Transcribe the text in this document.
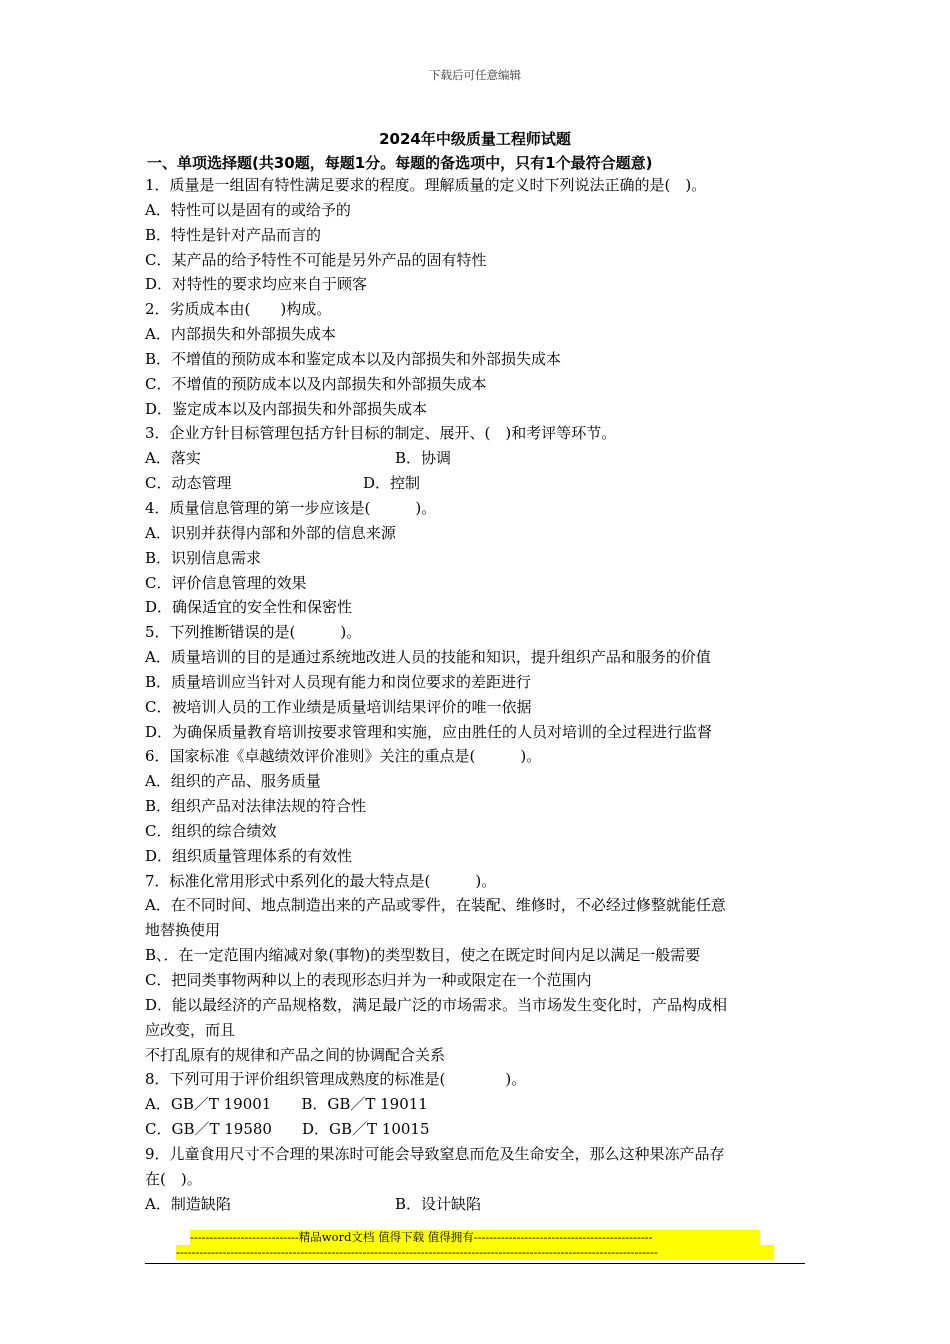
下载后可任意编辑
2024年中级质量工程师试题
一、单项选择题(共30题，每题1分。每题的备选项中，只有1个最符合题意)
1．质量是一组固有特性满足要求的程度。理解质量的定义时下列说法正确的是(　)。
A．特性可以是固有的或给予的
B．特性是针对产品而言的
C．某产品的给予特性不可能是另外产品的固有特性
D．对特性的要求均应来自于顾客
2．劣质成本由(　　)构成。
A．内部损失和外部损失成本
B．不增值的预防成本和鉴定成本以及内部损失和外部损失成本
C．不增值的预防成本以及内部损失和外部损失成本
D．鉴定成本以及内部损失和外部损失成本
3．企业方针目标管理包括方针目标的制定、展开、(　)和考评等环节。
A．落实	B．协调
C．动态管理	D．控制
4．质量信息管理的第一步应该是(　　　)。
A．识别并获得内部和外部的信息来源
B．识别信息需求
C．评价信息管理的效果
D．确保适宜的安全性和保密性
5．下列推断错误的是(　　　)。
A．质量培训的目的是通过系统地改进人员的技能和知识，提升组织产品和服务的价值
B．质量培训应当针对人员现有能力和岗位要求的差距进行
C．被培训人员的工作业绩是质量培训结果评价的唯一依据
D．为确保质量教育培训按要求管理和实施，应由胜任的人员对培训的全过程进行监督
6．国家标准《卓越绩效评价准则》关注的重点是(　　　)。
A．组织的产品、服务质量
B．组织产品对法律法规的符合性
C．组织的综合绩效
D．组织质量管理体系的有效性
7．标准化常用形式中系列化的最大特点是(　　　)。
A．在不同时间、地点制造出来的产品或零件，在装配、维修时，不必经过修整就能任意
地替换使用
B、．在一定范围内缩减对象(事物)的类型数目，使之在既定时间内足以满足一般需要
C．把同类事物两种以上的表现形态归并为一种或限定在一个范围内
D．能以最经济的产品规格数，满足最广泛的市场需求。当市场发生变化时，产品构成相
应改变，而且
不打乱原有的规律和产品之间的协调配合关系
8．下列可用于评价组织管理成熟度的标准是(　　　　)。
A．GB／T 19001　　B．GB／T 19011
C．GB／T 19580　　D．GB／T 10015
9．儿童食用尺寸不合理的果冻时可能会导致窒息而危及生命安全，那么这种果冻产品存
在(　)。
A．制造缺陷	B．设计缺陷
----------------------------精品word文档 值得下载 值得拥有----------------------------------------------
----------------------------------------------------------------------------------------------------------------------------
